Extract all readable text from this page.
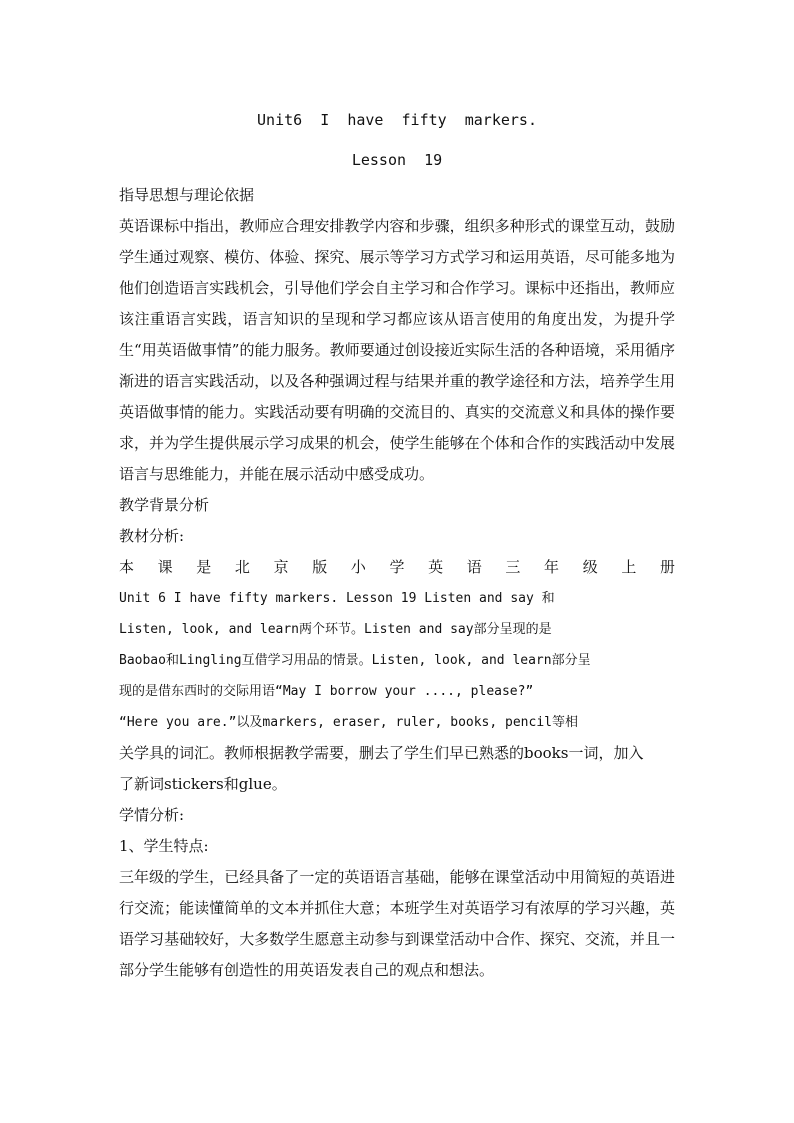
Unit6  I  have  fifty  markers.
Lesson  19

指导思想与理论依据

英语课标中指出，教师应合理安排教学内容和步骤，组织多种形式的课堂互动，鼓励学生通过观察、模仿、体验、探究、展示等学习方式学习和运用英语，尽可能多地为他们创造语言实践机会，引导他们学会自主学习和合作学习。课标中还指出，教师应该注重语言实践，语言知识的呈现和学习都应该从语言使用的角度出发，为提升学生“用英语做事情”的能力服务。教师要通过创设接近实际生活的各种语境，采用循序渐进的语言实践活动，以及各种强调过程与结果并重的教学途径和方法，培养学生用英语做事情的能力。实践活动要有明确的交流目的、真实的交流意义和具体的操作要求，并为学生提供展示学习成果的机会，使学生能够在个体和合作的实践活动中发展语言与思维能力，并能在展示活动中感受成功。

教学背景分析

教材分析:

本课是北京版小学英语三年级上册

Unit 6 I have fifty markers. Lesson 19 Listen and say 和

Listen, look, and learn两个环节。Listen and say部分呈现的是

Baobao和Lingling互借学习用品的情景。Listen, look, and learn部分呈

现的是借东西时的交际用语“May I borrow your ...., please?”

“Here you are.”以及markers, eraser, ruler, books, pencil等相

关学具的词汇。教师根据教学需要，删去了学生们早已熟悉的books一词，加入

了新词stickers和glue。

学情分析:

1、学生特点:

三年级的学生，已经具备了一定的英语语言基础，能够在课堂活动中用简短的英语进行交流；能读懂简单的文本并抓住大意；本班学生对英语学习有浓厚的学习兴趣，英语学习基础较好，大多数学生愿意主动参与到课堂活动中合作、探究、交流，并且一部分学生能够有创造性的用英语发表自己的观点和想法。
